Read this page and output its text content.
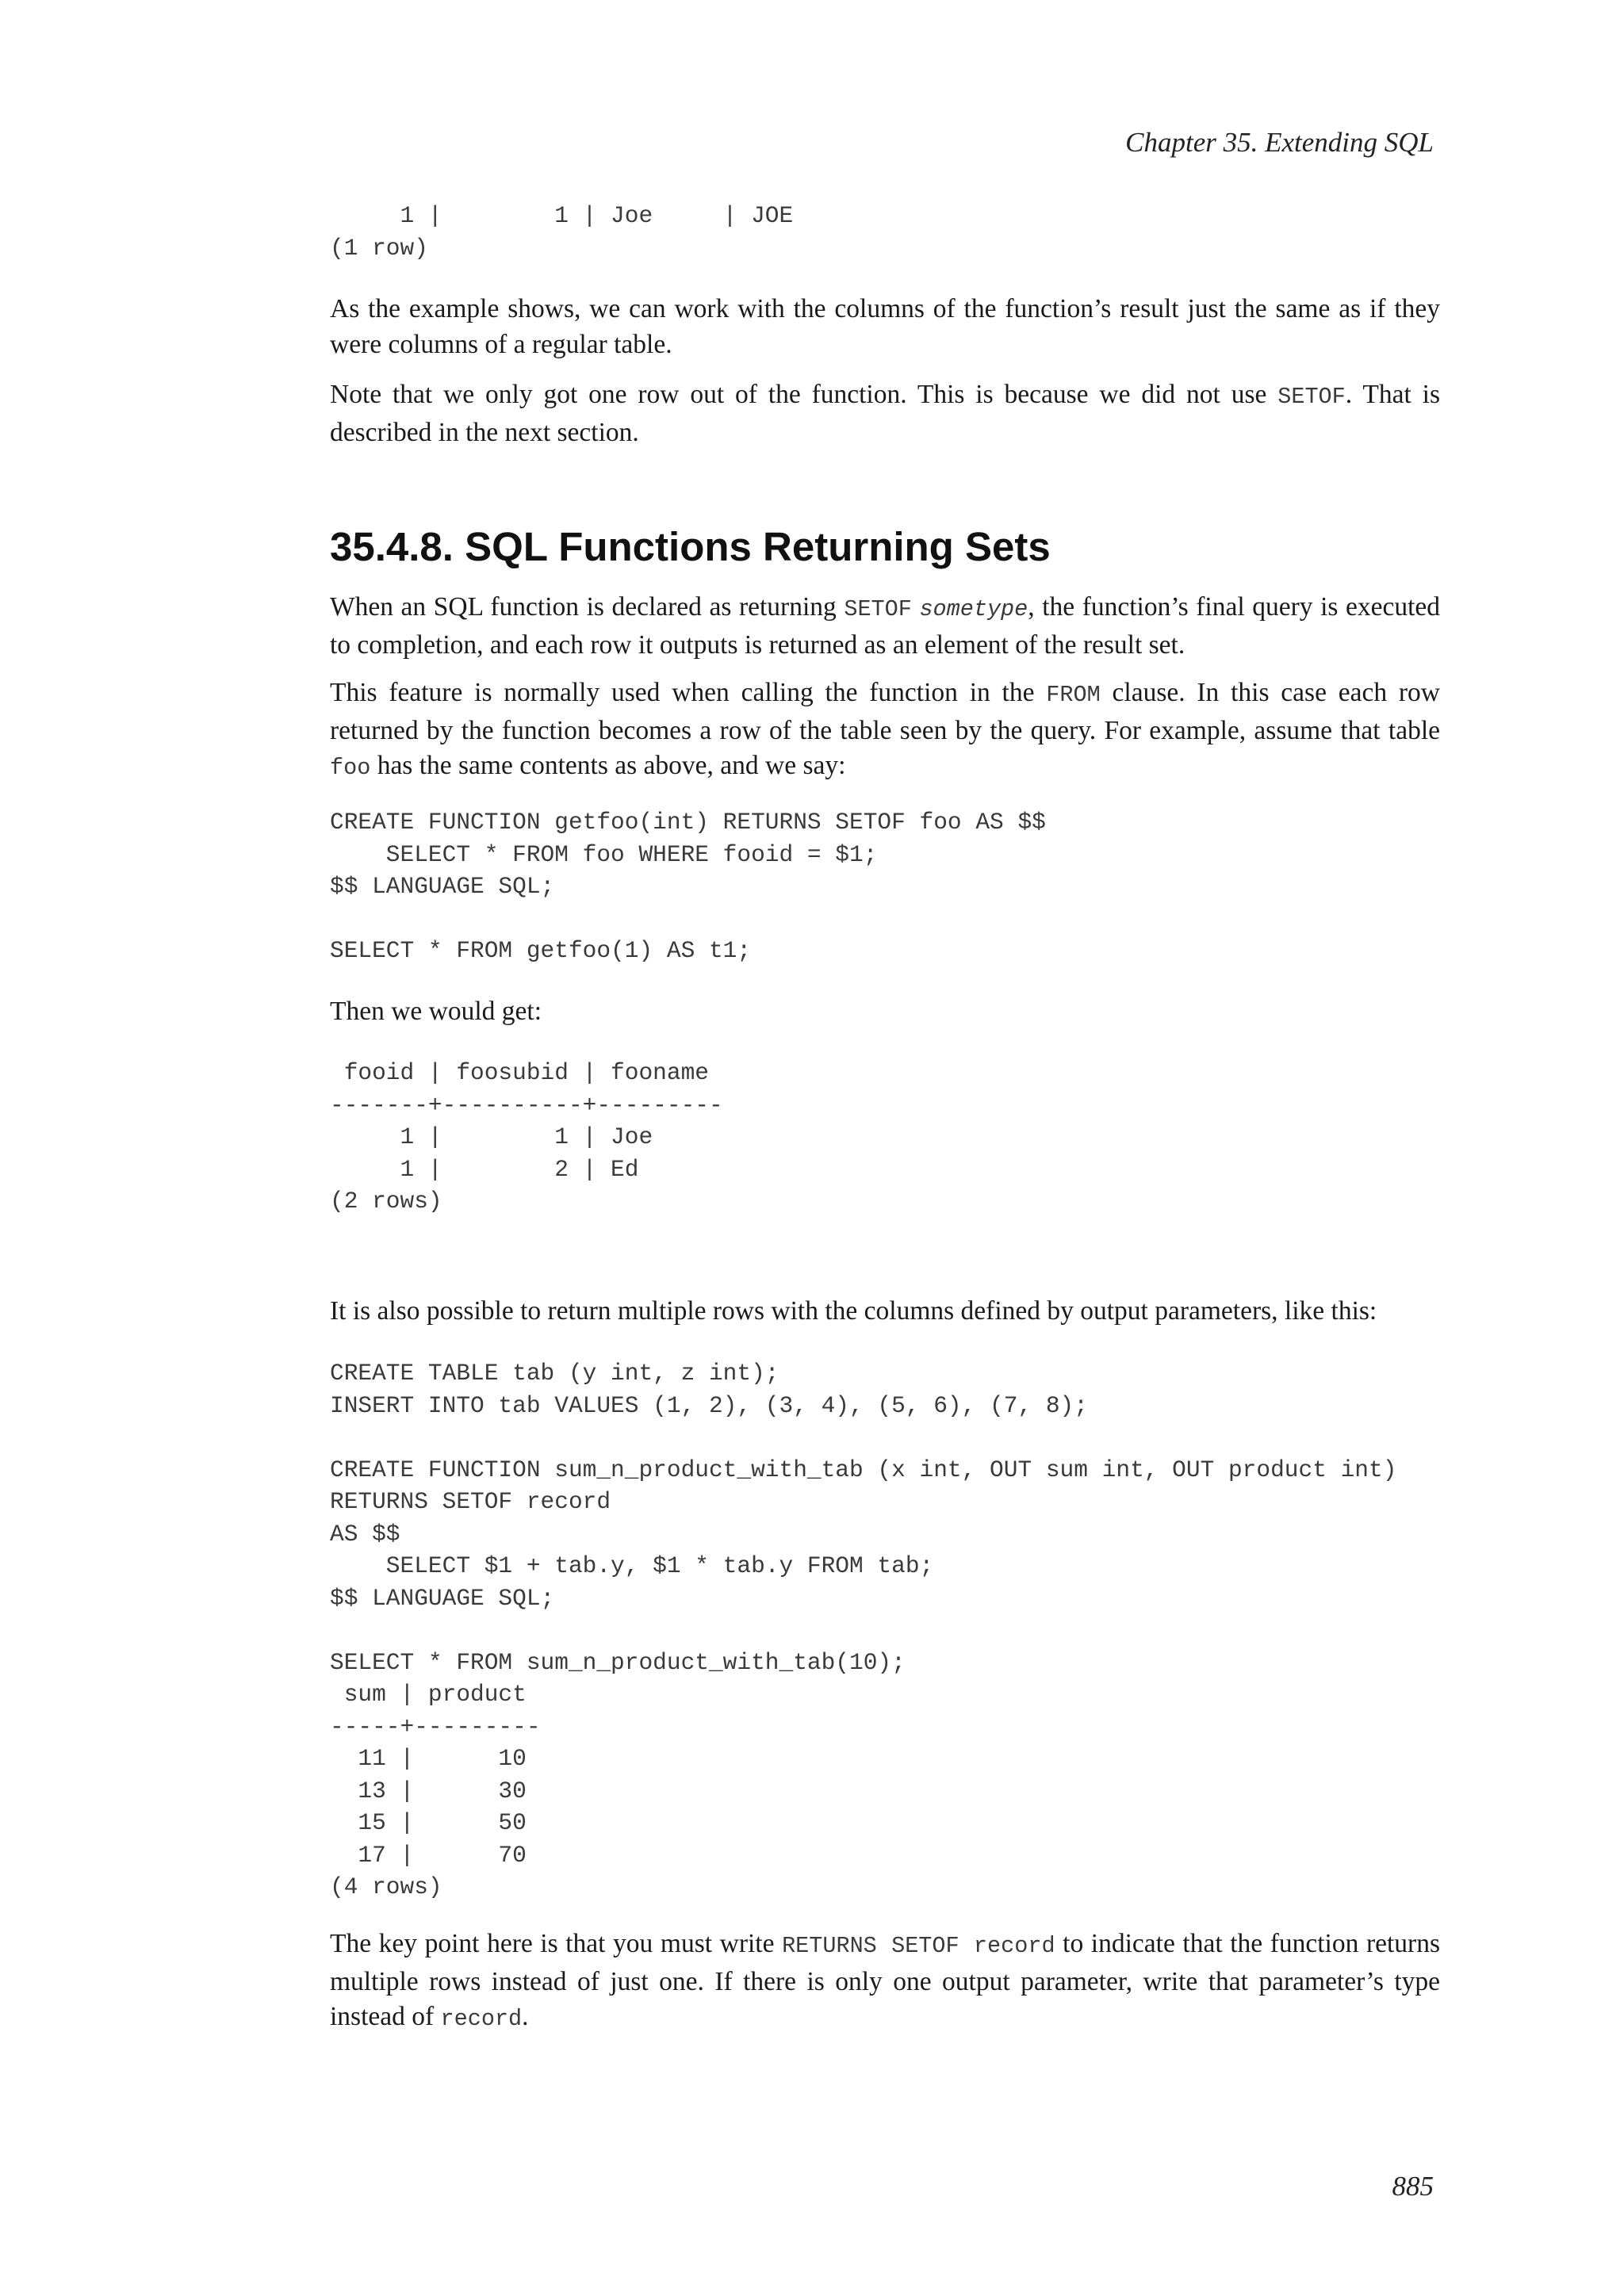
Chapter 35. Extending SQL
1 |        1 | Joe     | JOE
(1 row)

As the example shows, we can work with the columns of the function’s result just the same as if they were columns of a regular table.

Note that we only got one row out of the function. This is because we did not use SETOF. That is described in the next section.

35.4.8. SQL Functions Returning Sets

When an SQL function is declared as returning SETOF sometype, the function’s final query is executed to completion, and each row it outputs is returned as an element of the result set.

This feature is normally used when calling the function in the FROM clause. In this case each row returned by the function becomes a row of the table seen by the query. For example, assume that table foo has the same contents as above, and we say:

CREATE FUNCTION getfoo(int) RETURNS SETOF foo AS $$
SELECT * FROM foo WHERE fooid = $1;
$$ LANGUAGE SQL;

SELECT * FROM getfoo(1) AS t1;

Then we would get:

fooid | foosubid | fooname
-------+----------+---------
1 |        1 | Joe
1 |        2 | Ed
(2 rows)

It is also possible to return multiple rows with the columns defined by output parameters, like this:

CREATE TABLE tab (y int, z int);
INSERT INTO tab VALUES (1, 2), (3, 4), (5, 6), (7, 8);

CREATE FUNCTION sum_n_product_with_tab (x int, OUT sum int, OUT product int)
RETURNS SETOF record
AS $$
SELECT $1 + tab.y, $1 * tab.y FROM tab;
$$ LANGUAGE SQL;

SELECT * FROM sum_n_product_with_tab(10);
sum | product
-----+---------
11 |      10
13 |      30
15 |      50
17 |      70
(4 rows)

The key point here is that you must write RETURNS SETOF record to indicate that the function returns multiple rows instead of just one. If there is only one output parameter, write that parameter’s type instead of record.

885
